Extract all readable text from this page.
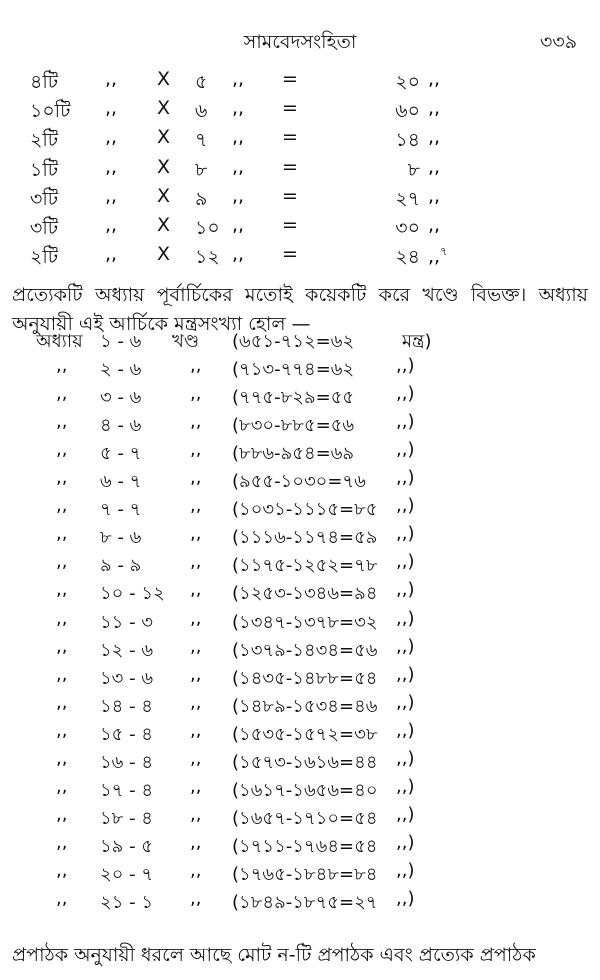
সামবেদসংহিতা	৩৩৯
৪টি ,, X ৫ ,, =	২০ ,,
১০টি ,, X ৬ ,, =	৬০ ,,
২টি ,, X ৭ ,, =	১৪ ,,
১টি ,, X ৮ ,, =	৮ ,,
৩টি ,, X ৯ ,, =	২৭ ,,
৩টি ,, X ১০ ,, =	৩০ ,,
২টি ,, X ১২ ,, =	২৪ ,,$^৭$

প্রত্যেকটি অধ্যায় পূর্বার্চিকের মতোই কয়েকটি করে খণ্ডে বিভক্ত। অধ্যায় অনুযায়ী এই আর্চিকে মন্ত্রসংখ্যা হোল —

অধ্যায় ১ - ৬ খণ্ড (৬৫১-৭১২=৬২	মন্ত্র)
,, ২ - ৬	,, (৭১৩-৭৭৪=৬২ ,,)
,, ৩ - ৬	,, (৭৭৫-৮২৯=৫৫ ,,)
,, ৪ - ৬	,, (৮৩০-৮৮৫=৫৬ ,,)
,, ৫ - ৭	,, (৮৮৬-৯৫৪=৬৯ ,,)
,, ৬ - ৭	,, (৯৫৫-১০৩০=৭৬ ,,)
,, ৭ - ৭	,, (১০৩১-১১১৫=৮৫ ,,)
,, ৮ - ৬	,, (১১১৬-১১৭৪=৫৯ ,,)
,, ৯ - ৯	,, (১১৭৫-১২৫২=৭৮ ,,)
,, ১০ - ১২ ,, (১২৫৩-১৩৪৬=৯৪ ,,)
,, ১১ - ৩ ,, (১৩৪৭-১৩৭৮=৩২ ,,)
,, ১২ - ৬ ,, (১৩৭৯-১৪৩৪=৫৬ ,,)
,, ১৩ - ৬ ,, (১৪৩৫-১৪৮৮=৫৪ ,,)
,, ১৪ - ৪ ,, (১৪৮৯-১৫৩৪=৪৬ ,,)
,, ১৫ - ৪ ,, (১৫৩৫-১৫৭২=৩৮ ,,)
,, ১৬ - ৪ ,, (১৫৭৩-১৬১৬=৪৪ ,,)
,, ১৭ - ৪ ,, (১৬১৭-১৬৫৬=৪০ ,,)
,, ১৮ - ৪ ,, (১৬৫৭-১৭১০=৫৪ ,,)
,, ১৯ - ৫ ,, (১৭১১-১৭৬৪=৫৪ ,,)
,, ২০ - ৭ ,, (১৭৬৫-১৮৪৮=৮৪ ,,)
,, ২১ - ১ ,, (১৮৪৯-১৮৭৫=২৭ ,,)

প্রপাঠক অনুযায়ী ধরলে আছে মোট ন-টি প্রপাঠক এবং প্রত্যেক প্রপাঠক
